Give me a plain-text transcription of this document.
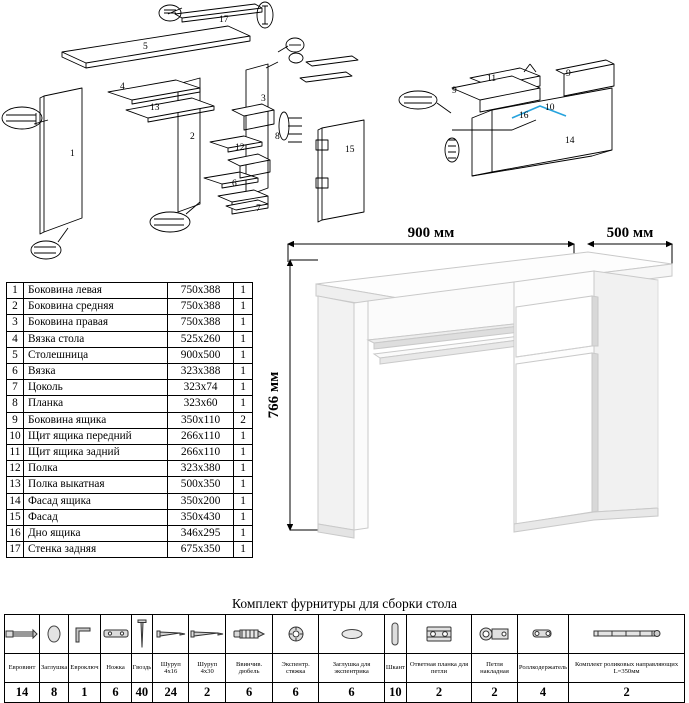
17
5
4
13
2
1
3
12
6
7
8
15
11	9
9
10
16
14
1	Боковина левая	750x388	1
2	Боковина средняя	750x388	1
3	Боковина правая	750x388	1
4	Вязка стола	525x260	1
5	Столешница	900x500	1
6	Вязка	323x388	1
7	Цоколь	323x74	1
8	Планка	323x60	1
9	Боковина ящика	350x110	2
10	Щит ящика передний	266x110	1
11	Щит ящика задний	266x110	1
12	Полка	323x380	1
13	Полка выкатная	500x350	1
14	Фасад ящика	350x200	1
15	Фасад	350x430	1
16	Дно ящика	346x295	1
17	Стенка задняя	675x350	1
900 мм	500 мм
766 мм
Комплект фурнитуры для сборки стола

Евровинт	Заглушка	Евроключ	Ножка	Гвоздь	Шуруп 4x16	Шуруп 4x30	Ввинчив. дюбель	Экспентр. стяжка	Заглушка для экспентрика	Шкант	Ответная планка для петли	Петля накладная	Роллкодержатель	Комплект роликовых направляющих L=350мм
14	8	1	6	40	24	2	6	6	6	10	2	2	4	2
